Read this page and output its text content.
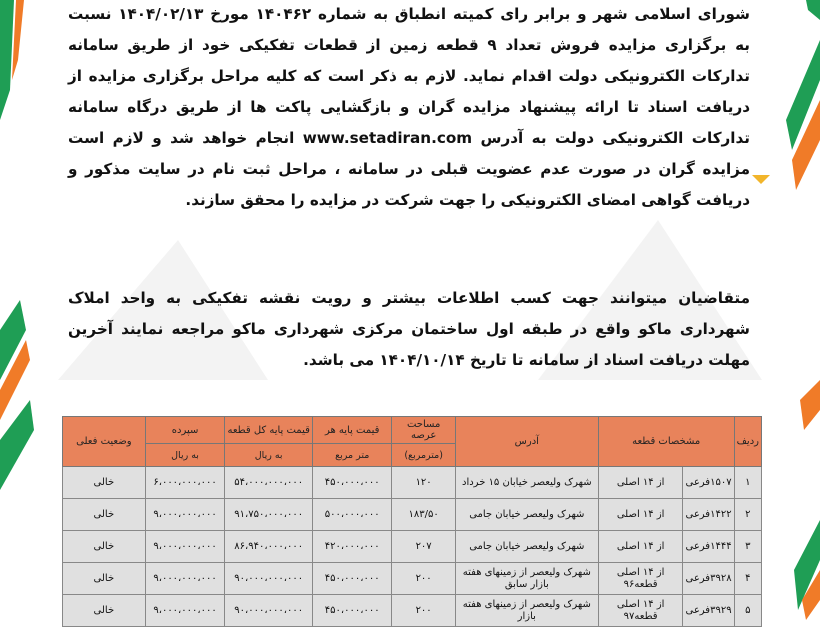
شورای اسلامی شهر و برابر رای کمیته انطباق به شماره ۱۴۰۴۶۲ مورخ ۱۴۰۴/۰۲/۱۳ نسبت به برگزاری مزایده فروش تعداد ۹ قطعه زمین از قطعات تفکیکی خود از طریق سامانه تدارکات الکترونیکی دولت اقدام نماید. لازم به ذکر است که کلیه مراحل برگزاری مزایده از دریافت اسناد تا ارائه پیشنهاد مزایده گران و بازگشایی پاکت ها از طریق درگاه سامانه تدارکات الکترونیکی دولت به آدرس www.setadiran.com انجام خواهد شد و لازم است مزایده گران در صورت عدم عضویت قبلی در سامانه ، مراحل ثبت نام در سایت مذکور و دریافت گواهی امضای الکترونیکی را جهت شرکت در مزایده را محقق سازند.

متقاضیان میتوانند جهت کسب اطلاعات بیشتر و رویت نقشه تفکیکی به واحد املاک شهرداری ماکو واقع در طبقه اول ساختمان مرکزی شهرداری ماکو مراجعه نمایند آخرین مهلت دریافت اسناد از سامانه تا تاریخ ۱۴۰۴/۱۰/۱۴ می باشد.

ردیف	مشخصات قطعه		آدرس	مساحت عرصه	قیمت پایه هر	قیمت پایه کل قطعه	سپرده	وضعیت فعلی
				(مترمربع)	متر مربع	به ریال	به ریال	
۱	۱۵۰۷فرعی	از ۱۴ اصلی	شهرک ولیعصر خیابان ۱۵ خرداد	۱۲۰	۴۵۰،۰۰۰،۰۰۰	۵۴،۰۰۰،۰۰۰،۰۰۰	۶،۰۰۰،۰۰۰،۰۰۰	خالی
۲	۱۴۲۲فرعی	از ۱۴ اصلی	شهرک ولیعصر خیابان جامی	۱۸۳/۵۰	۵۰۰،۰۰۰،۰۰۰	۹۱،۷۵۰،۰۰۰،۰۰۰	۹،۰۰۰،۰۰۰،۰۰۰	خالی
۳	۱۴۴۴فرعی	از ۱۴ اصلی	شهرک ولیعصر خیابان جامی	۲۰۷	۴۲۰،۰۰۰،۰۰۰	۸۶،۹۴۰،۰۰۰،۰۰۰	۹،۰۰۰،۰۰۰،۰۰۰	خالی
۴	۳۹۲۸فرعی	از ۱۴ اصلی قطعه۹۶	شهرک ولیعصر از زمینهای هفته بازار سابق	۲۰۰	۴۵۰،۰۰۰،۰۰۰	۹۰،۰۰۰،۰۰۰،۰۰۰	۹،۰۰۰،۰۰۰،۰۰۰	خالی
۵	۳۹۲۹فرعی	از ۱۴ اصلی قطعه۹۷	شهرک ولیعصر از زمینهای هفته بازار	۲۰۰	۴۵۰،۰۰۰،۰۰۰	۹۰،۰۰۰،۰۰۰،۰۰۰	۹،۰۰۰،۰۰۰،۰۰۰	خالی
